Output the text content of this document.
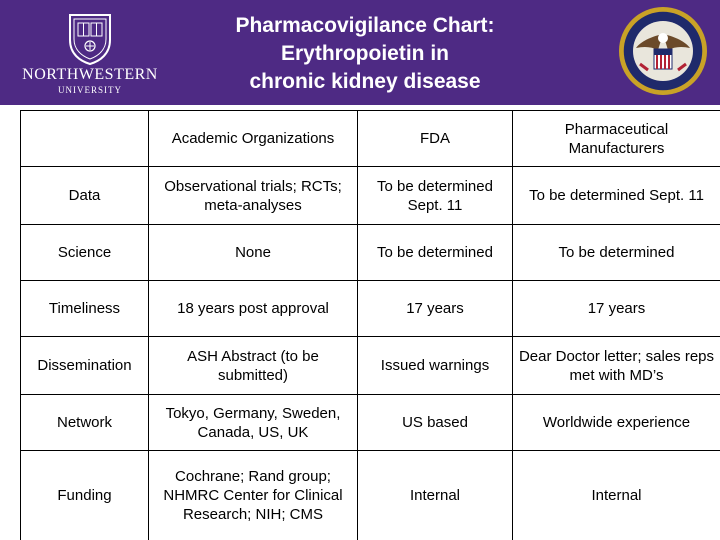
Pharmacovigilance Chart:
Erythropoietin in
chronic kidney disease
NORTHWESTERN
UNIVERSITY
	Academic Organizations	FDA	Pharmaceutical Manufacturers
Data	Observational trials; RCTs; meta-analyses	To be determined Sept. 11	To be determined Sept. 11
Science	None	To be determined	To be determined
Timeliness	18 years post approval	17 years	17 years
Dissemination	ASH Abstract (to be submitted)	Issued warnings	Dear Doctor letter; sales reps met with MD’s
Network	Tokyo, Germany, Sweden, Canada, US, UK	US based	Worldwide experience
Funding	Cochrane; Rand group; NHMRC Center for Clinical Research; NIH; CMS	Internal	Internal
